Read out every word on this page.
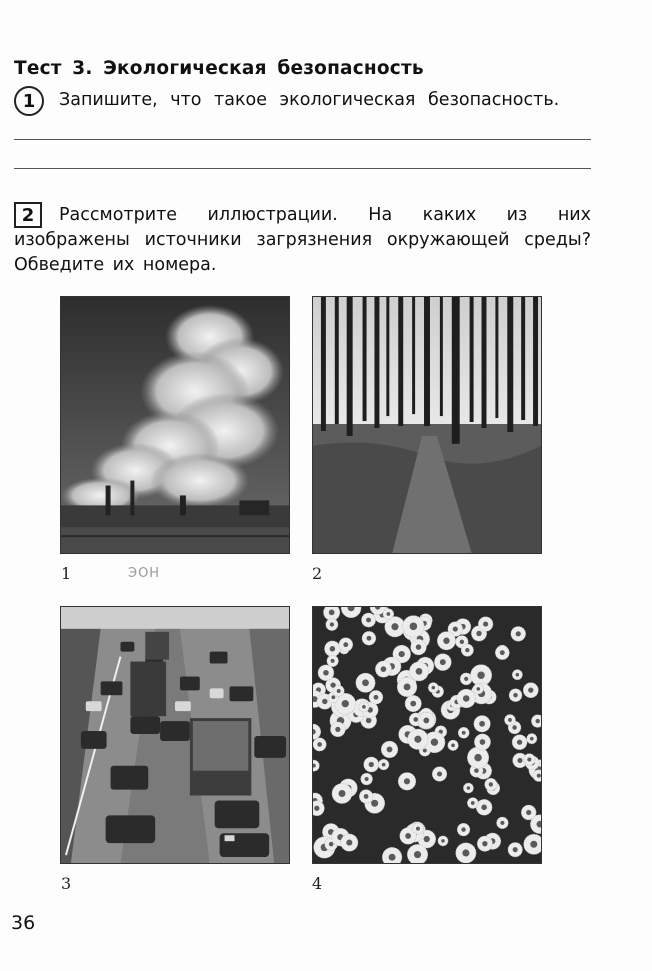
Тест 3. Экологическая безопасность
1	Запишите, что такое экологическая безопасность.
Рассмотрите иллюстрации. На каких из них изображены источники загрязнения окружающей среды? Обведите их номера.
2
ЭОН
1	2
3	4
36
